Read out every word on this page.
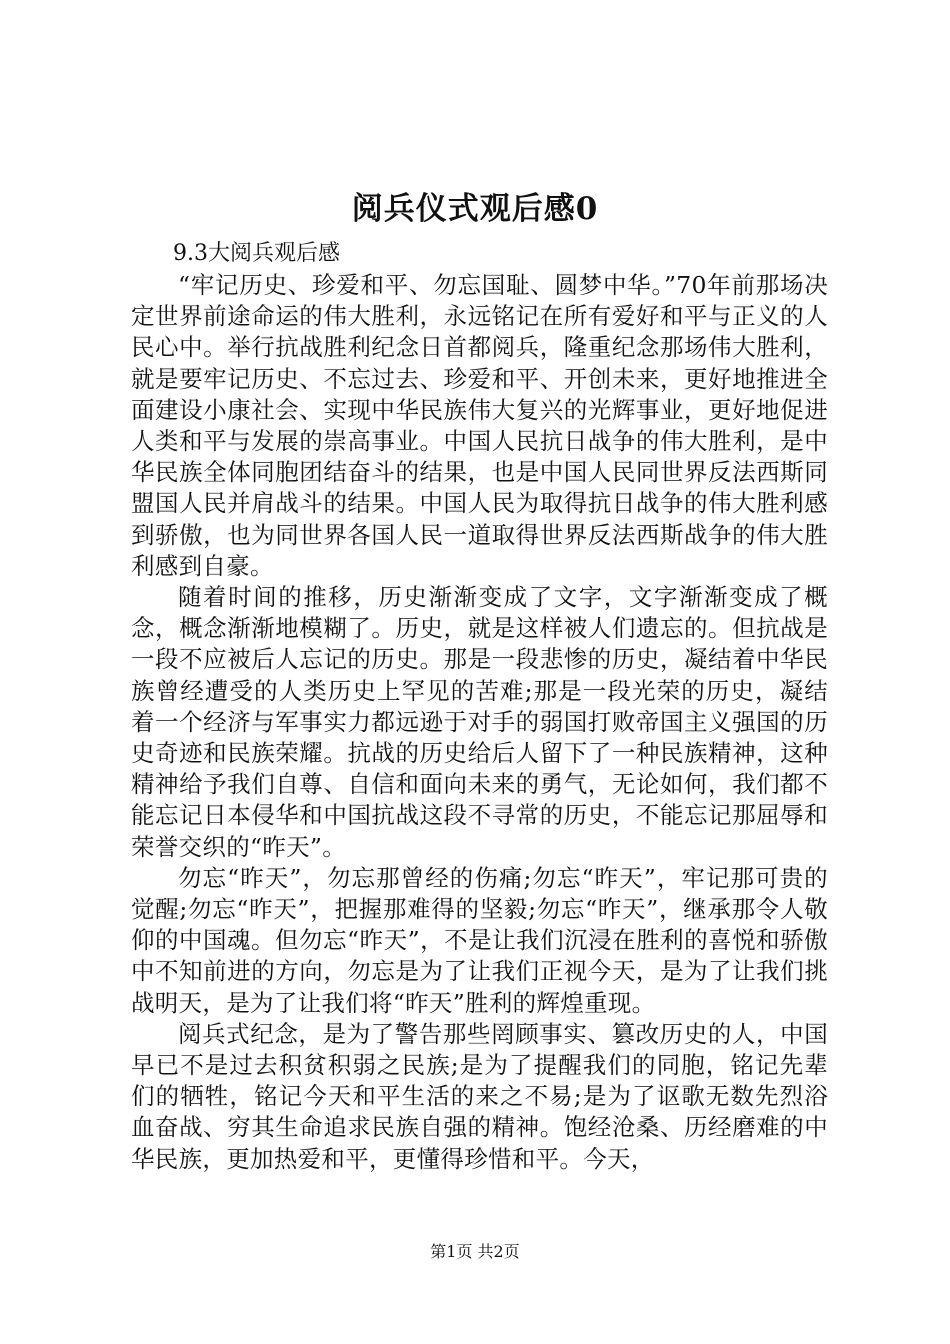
阅兵仪式观后感0

9.3大阅兵观后感

“牢记历史、珍爱和平、勿忘国耻、圆梦中华。”70年前那场决定世界前途命运的伟大胜利，永远铭记在所有爱好和平与正义的人民心中。举行抗战胜利纪念日首都阅兵，隆重纪念那场伟大胜利，就是要牢记历史、不忘过去、珍爱和平、开创未来，更好地推进全面建设小康社会、实现中华民族伟大复兴的光辉事业，更好地促进人类和平与发展的崇高事业。中国人民抗日战争的伟大胜利，是中华民族全体同胞团结奋斗的结果，也是中国人民同世界反法西斯同盟国人民并肩战斗的结果。中国人民为取得抗日战争的伟大胜利感到骄傲，也为同世界各国人民一道取得世界反法西斯战争的伟大胜利感到自豪。

随着时间的推移，历史渐渐变成了文字，文字渐渐变成了概念，概念渐渐地模糊了。历史，就是这样被人们遗忘的。但抗战是一段不应被后人忘记的历史。那是一段悲惨的历史，凝结着中华民族曾经遭受的人类历史上罕见的苦难;那是一段光荣的历史，凝结着一个经济与军事实力都远逊于对手的弱国打败帝国主义强国的历史奇迹和民族荣耀。抗战的历史给后人留下了一种民族精神，这种精神给予我们自尊、自信和面向未来的勇气，无论如何，我们都不能忘记日本侵华和中国抗战这段不寻常的历史，不能忘记那屈辱和荣誉交织的“昨天”。

勿忘“昨天”，勿忘那曾经的伤痛;勿忘“昨天”，牢记那可贵的觉醒;勿忘“昨天”，把握那难得的坚毅;勿忘“昨天”，继承那令人敬仰的中国魂。但勿忘“昨天”，不是让我们沉浸在胜利的喜悦和骄傲中不知前进的方向，勿忘是为了让我们正视今天，是为了让我们挑战明天，是为了让我们将“昨天”胜利的辉煌重现。

阅兵式纪念，是为了警告那些罔顾事实、篡改历史的人，中国早已不是过去积贫积弱之民族;是为了提醒我们的同胞，铭记先辈们的牺牲，铭记今天和平生活的来之不易;是为了讴歌无数先烈浴血奋战、穷其生命追求民族自强的精神。饱经沧桑、历经磨难的中华民族，更加热爱和平，更懂得珍惜和平。今天，

第1页 共2页
